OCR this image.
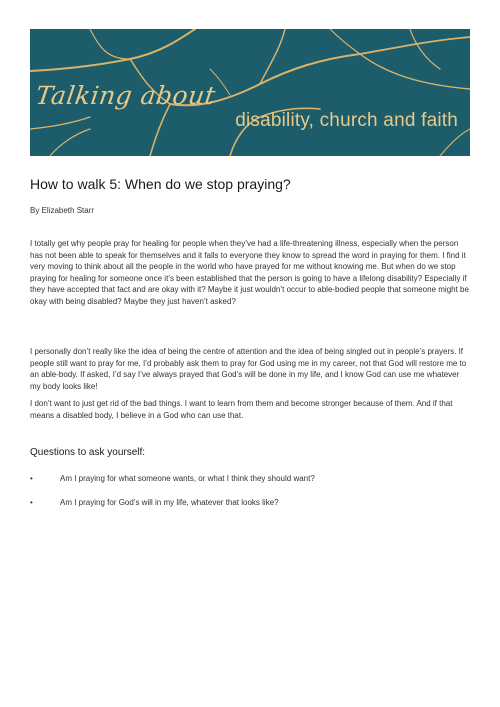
Talking about
disability, church and faith
How to walk 5: When do we stop praying?
By Elizabeth Starr

I totally get why people pray for healing for people when they’ve had a life-threatening illness, especially when the person has not been able to speak for themselves and it falls to everyone they know to spread the word in praying for them. I find it very moving to think about all the people in the world who have prayed for me without knowing me. But when do we stop praying for healing for someone once it’s been established that the person is going to have a lifelong disability? Especially if they have accepted that fact and are okay with it? Maybe it just wouldn’t occur to able-bodied people that someone might be okay with being disabled? Maybe they just haven’t asked?

I personally don’t really like the idea of being the centre of attention and the idea of being singled out in people’s prayers. If people still want to pray for me, I’d probably ask them to pray for God using me in my career, not that God will restore me to an able-body. If asked, I’d say I’ve always prayed that God’s will be done in my life, and I know God can use me whatever my body looks like!

I don’t want to just get rid of the bad things. I want to learn from them and become stronger because of them. And if that means a disabled body, I believe in a God who can use that.

Questions to ask yourself:
•	Am I praying for what someone wants, or what I think they should want?
•	Am I praying for God’s will in my life, whatever that looks like?
